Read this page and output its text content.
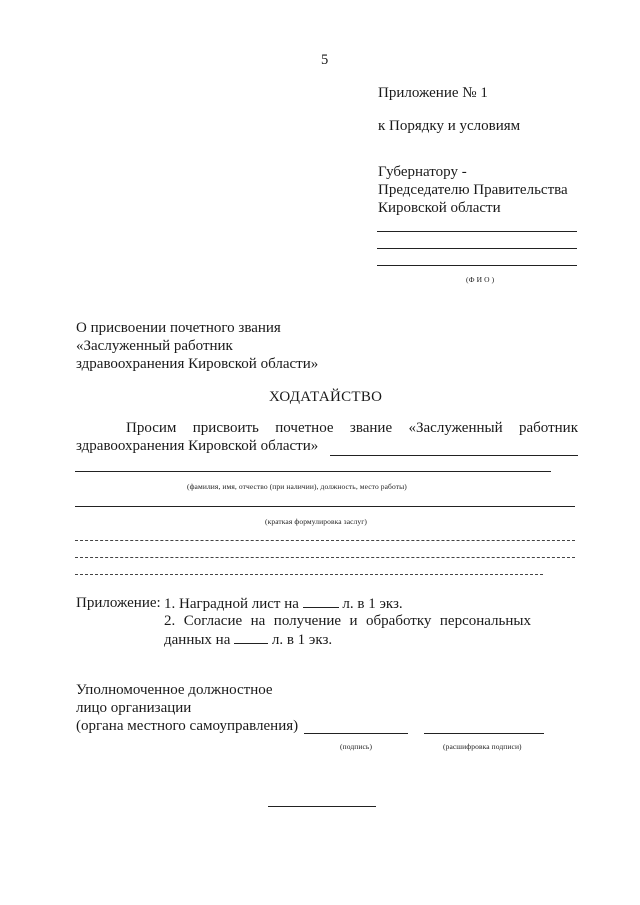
5
Приложение № 1
к Порядку и условиям
Губернатору -
Председателю Правительства
Кировской области
(Ф И О )
О присвоении почетного звания
«Заслуженный работник
здравоохранения Кировской области»
ХОДАТАЙСТВО
Просим присвоить почетное звание «Заслуженный работник
здравоохранения Кировской области»
(фамилия, имя, отчество (при наличии), должность, место работы)
(краткая формулировка заслуг)
Приложение: 1. Наградной лист на	л. в 1 экз.
2. Согласие на получение и обработку персональных
данных на	л. в 1 экз.
Уполномоченное должностное
лицо организации
(органа местного самоуправления)
(подпись)	(расшифровка подписи)
